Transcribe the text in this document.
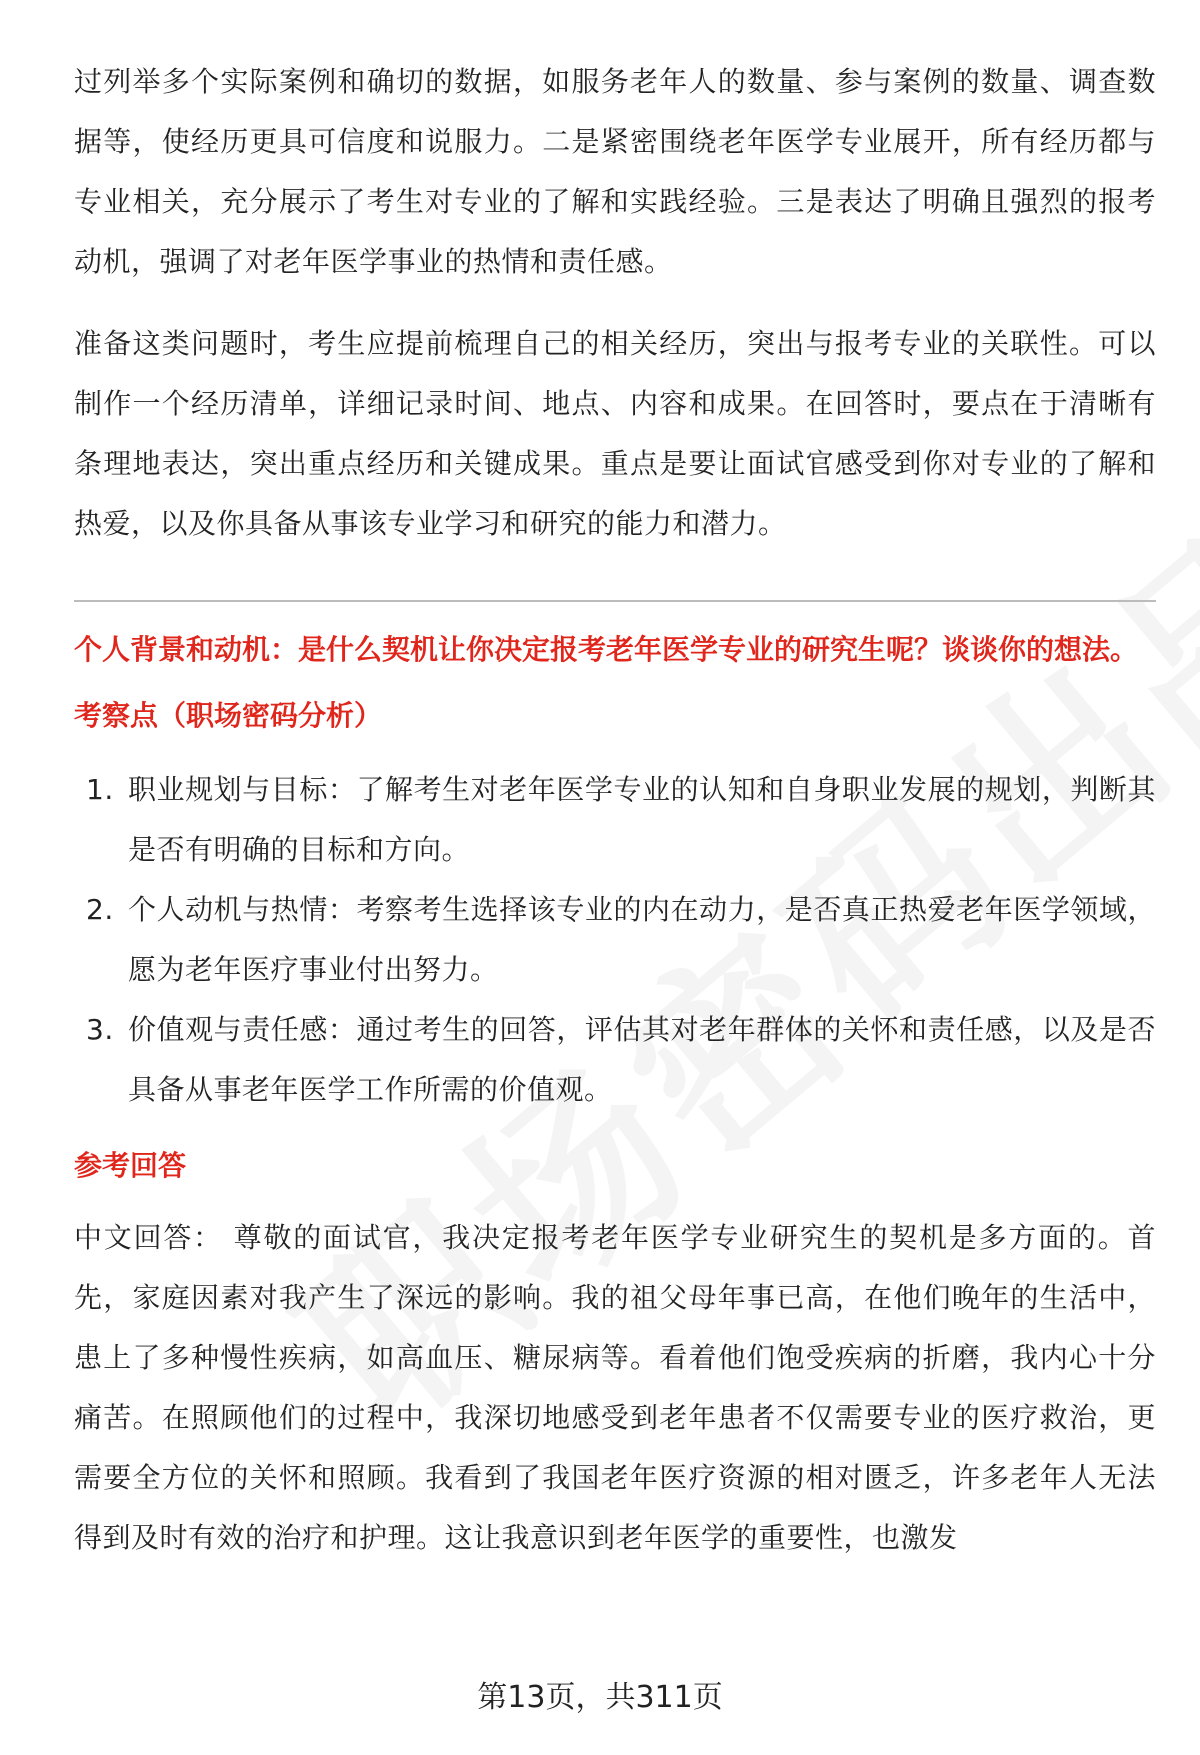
过列举多个实际案例和确切的数据，如服务老年人的数量、参与案例的数量、调查数据等，使经历更具可信度和说服力。二是紧密围绕老年医学专业展开，所有经历都与专业相关，充分展示了考生对专业的了解和实践经验。三是表达了明确且强烈的报考动机，强调了对老年医学事业的热情和责任感。

准备这类问题时，考生应提前梳理自己的相关经历，突出与报考专业的关联性。可以制作一个经历清单，详细记录时间、地点、内容和成果。在回答时，要点在于清晰有条理地表达，突出重点经历和关键成果。重点是要让面试官感受到你对专业的了解和热爱，以及你具备从事该专业学习和研究的能力和潜力。

个人背景和动机：是什么契机让你决定报考老年医学专业的研究生呢？谈谈你的想法。

考察点（职场密码分析）

1. 职业规划与目标：了解考生对老年医学专业的认知和自身职业发展的规划，判断其是否有明确的目标和方向。
2. 个人动机与热情：考察考生选择该专业的内在动力，是否真正热爱老年医学领域，愿为老年医疗事业付出努力。
3. 价值观与责任感：通过考生的回答，评估其对老年群体的关怀和责任感，以及是否具备从事老年医学工作所需的价值观。

参考回答

中文回答： 尊敬的面试官，我决定报考老年医学专业研究生的契机是多方面的。首先，家庭因素对我产生了深远的影响。我的祖父母年事已高，在他们晚年的生活中，患上了多种慢性疾病，如高血压、糖尿病等。看着他们饱受疾病的折磨，我内心十分痛苦。在照顾他们的过程中，我深切地感受到老年患者不仅需要专业的医疗救治，更需要全方位的关怀和照顾。我看到了我国老年医疗资源的相对匮乏，许多老年人无法得到及时有效的治疗和护理。这让我意识到老年医学的重要性，也激发

第13页，共311页
